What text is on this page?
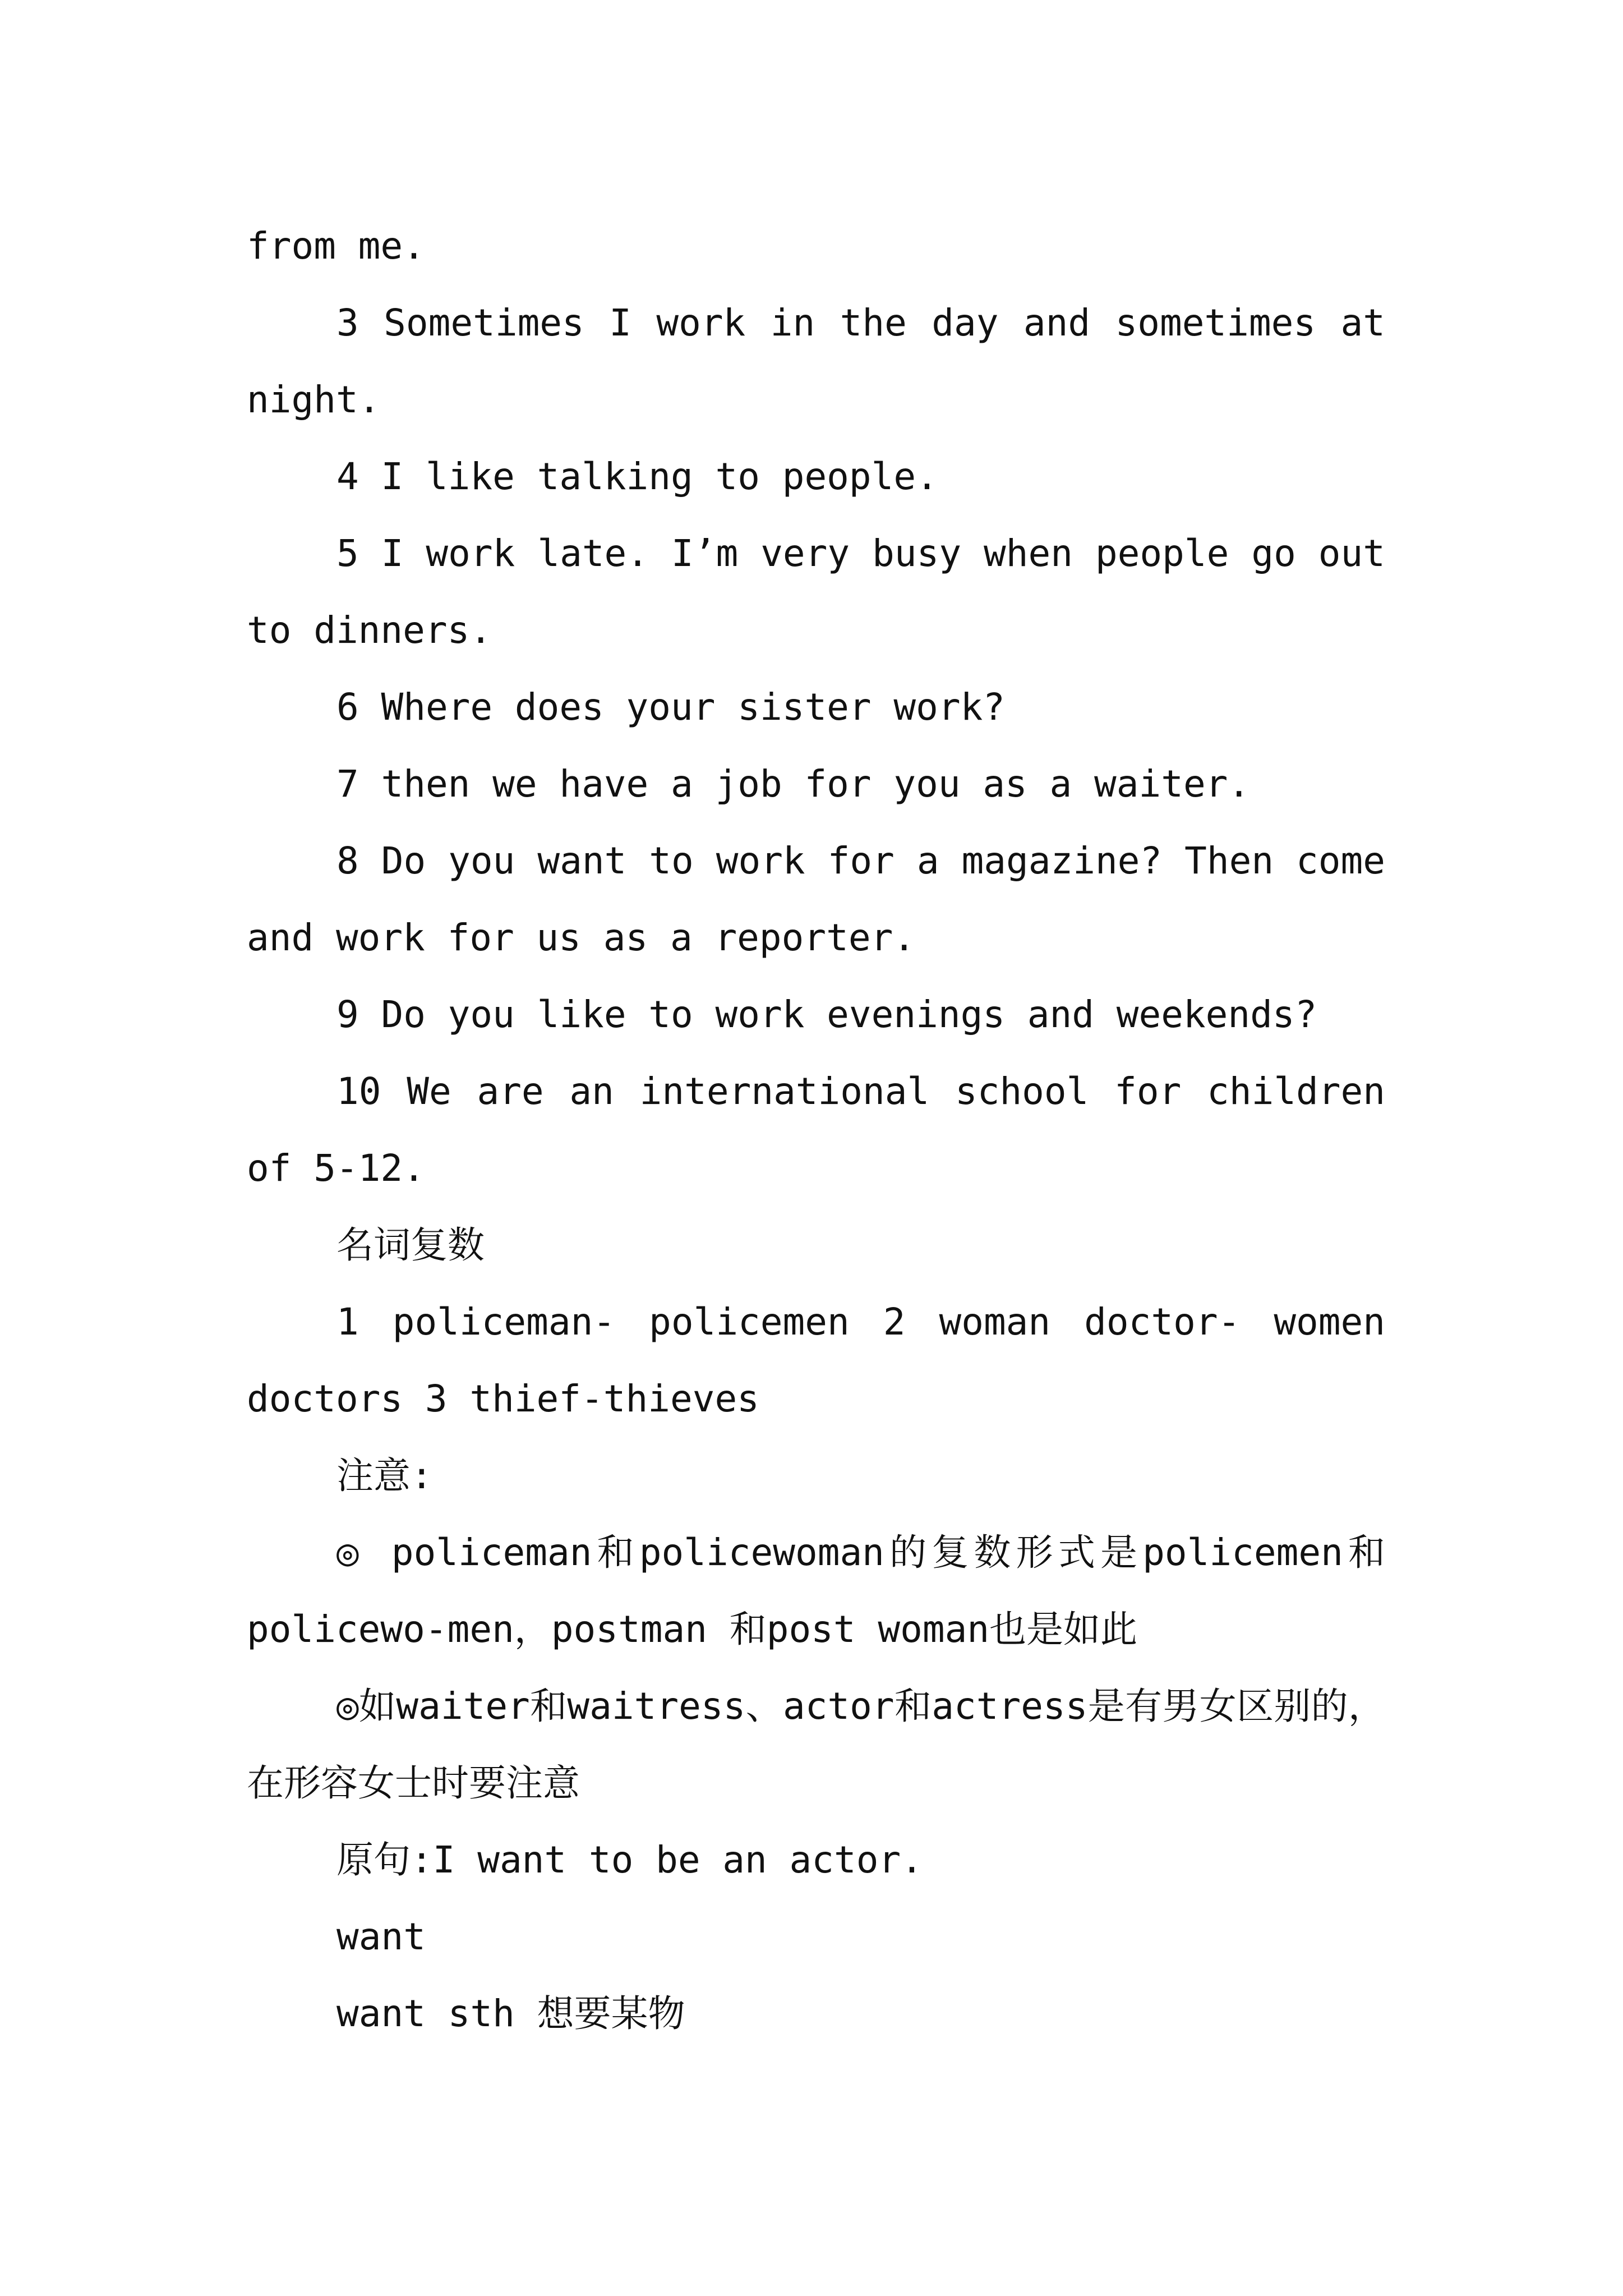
from me.

3 Sometimes I work in the day and sometimes at night.

4 I like talking to people.

5 I work late. I’m very busy when people go out to dinners.

6 Where does your sister work?

7 then we have a job for you as a waiter.

8 Do you want to work for a magazine? Then come and work for us as a reporter.

9 Do you like to work evenings and weekends?

10 We are an international school for children of 5-12.

名词复数

1 policeman- policemen 2 woman doctor- women doctors 3 thief-thieves

注意:

◎ policeman和policewoman的复数形式是policemen和policewo-men，postman 和post woman也是如此

◎如waiter和waitress、actor和actress是有男女区别的，在形容女士时要注意

原句:I want to be an actor.

want

want sth 想要某物
